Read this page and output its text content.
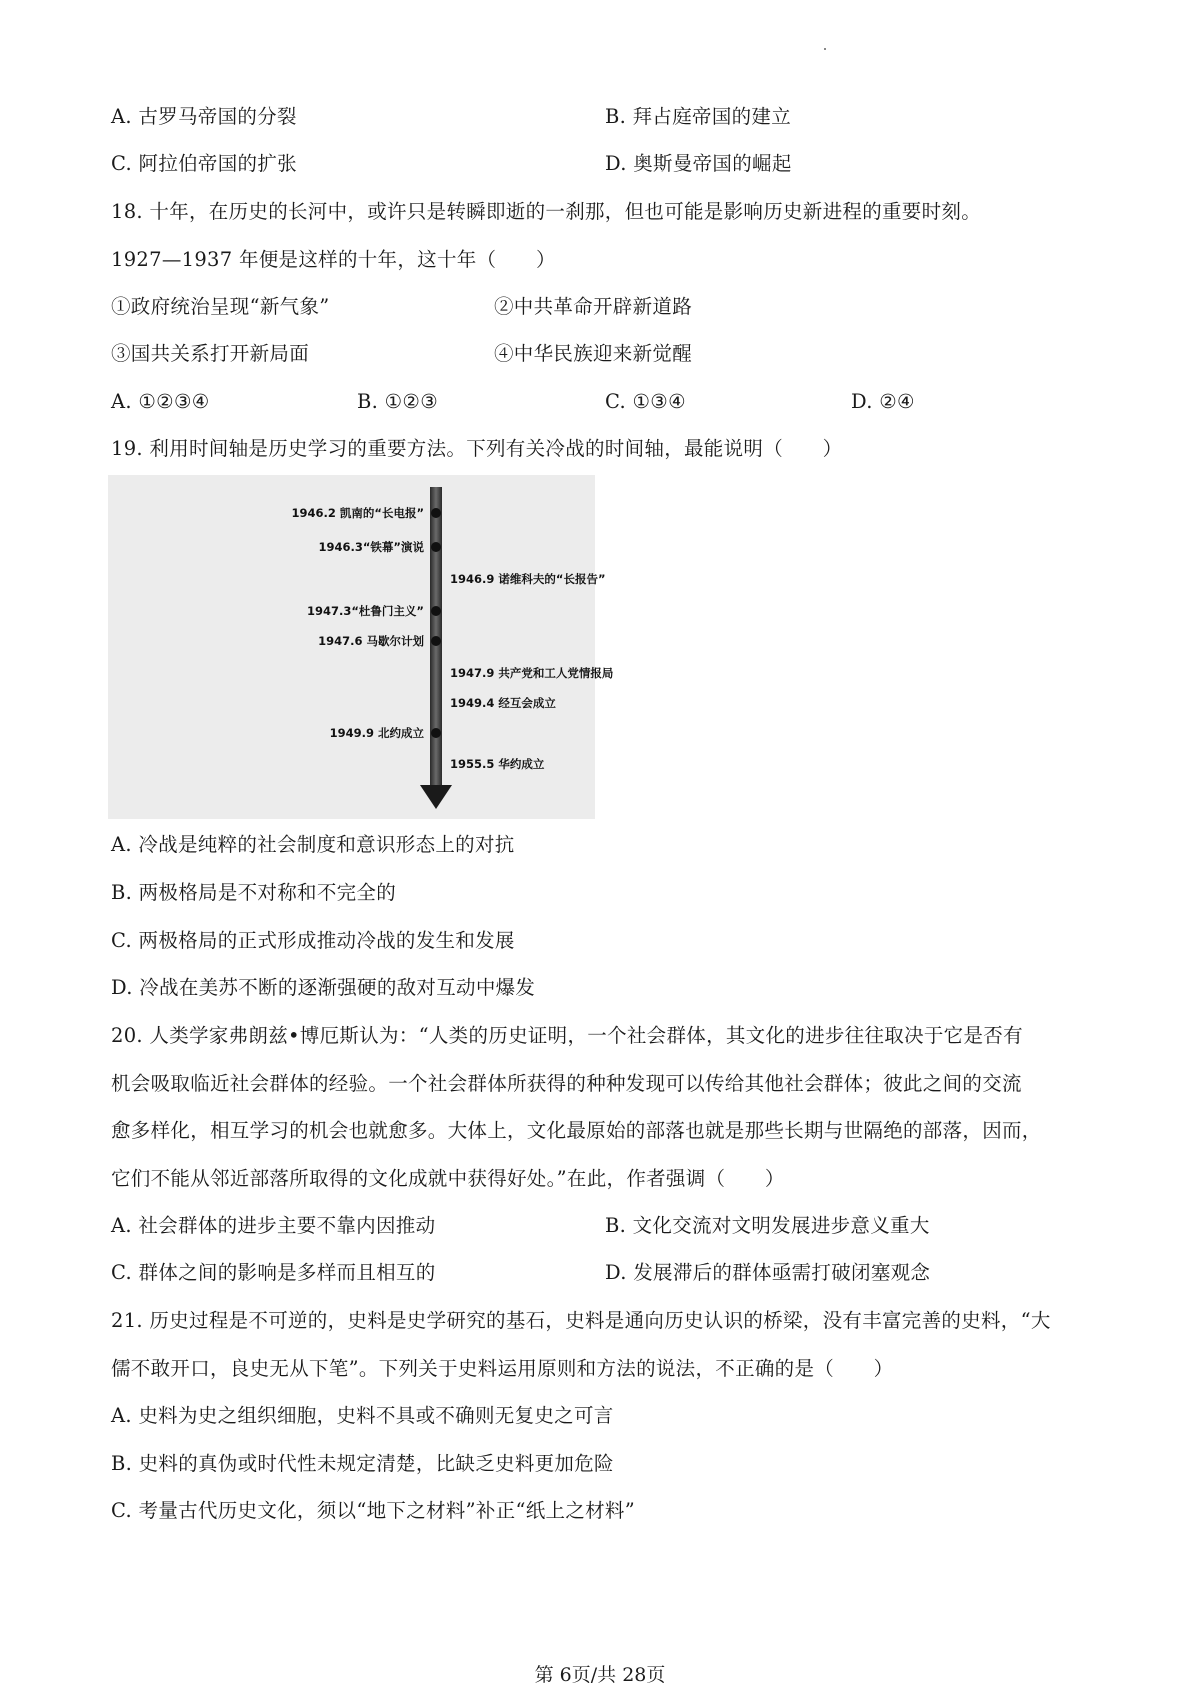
A. 古罗马帝国的分裂	B. 拜占庭帝国的建立
C. 阿拉伯帝国的扩张	D. 奥斯曼帝国的崛起
18. 十年，在历史的长河中，或许只是转瞬即逝的一刹那，但也可能是影响历史新进程的重要时刻。
1927—1937 年便是这样的十年，这十年（　　）
①政府统治呈现“新气象”	②中共革命开辟新道路
③国共关系打开新局面	④中华民族迎来新觉醒
A. ①②③④	B. ①②③	C. ①③④	D. ②④
19. 利用时间轴是历史学习的重要方法。下列有关冷战的时间轴，最能说明（　　）
1946.2 凯南的“长电报”
1946.3“铁幕”演说
1946.9 诺维科夫的“长报告”
1947.3“杜鲁门主义”
1947.6 马歇尔计划
1947.9 共产党和工人党情报局
1949.4 经互会成立
1949.9 北约成立
1955.5 华约成立
A. 冷战是纯粹的社会制度和意识形态上的对抗
B. 两极格局是不对称和不完全的
C. 两极格局的正式形成推动冷战的发生和发展
D. 冷战在美苏不断的逐渐强硬的敌对互动中爆发
20. 人类学家弗朗兹•博厄斯认为：“人类的历史证明，一个社会群体，其文化的进步往往取决于它是否有
机会吸取临近社会群体的经验。一个社会群体所获得的种种发现可以传给其他社会群体；彼此之间的交流
愈多样化，相互学习的机会也就愈多。大体上，文化最原始的部落也就是那些长期与世隔绝的部落，因而，
它们不能从邻近部落所取得的文化成就中获得好处。”在此，作者强调（　　）
A. 社会群体的进步主要不靠内因推动	B. 文化交流对文明发展进步意义重大
C. 群体之间的影响是多样而且相互的	D. 发展滞后的群体亟需打破闭塞观念
21. 历史过程是不可逆的，史料是史学研究的基石，史料是通向历史认识的桥梁，没有丰富完善的史料，“大
儒不敢开口，良史无从下笔”。下列关于史料运用原则和方法的说法，不正确的是（　　）
A. 史料为史之组织细胞，史料不具或不确则无复史之可言
B. 史料的真伪或时代性未规定清楚，比缺乏史料更加危险
C. 考量古代历史文化，须以“地下之材料”补正“纸上之材料”
第 6页/共 28页
